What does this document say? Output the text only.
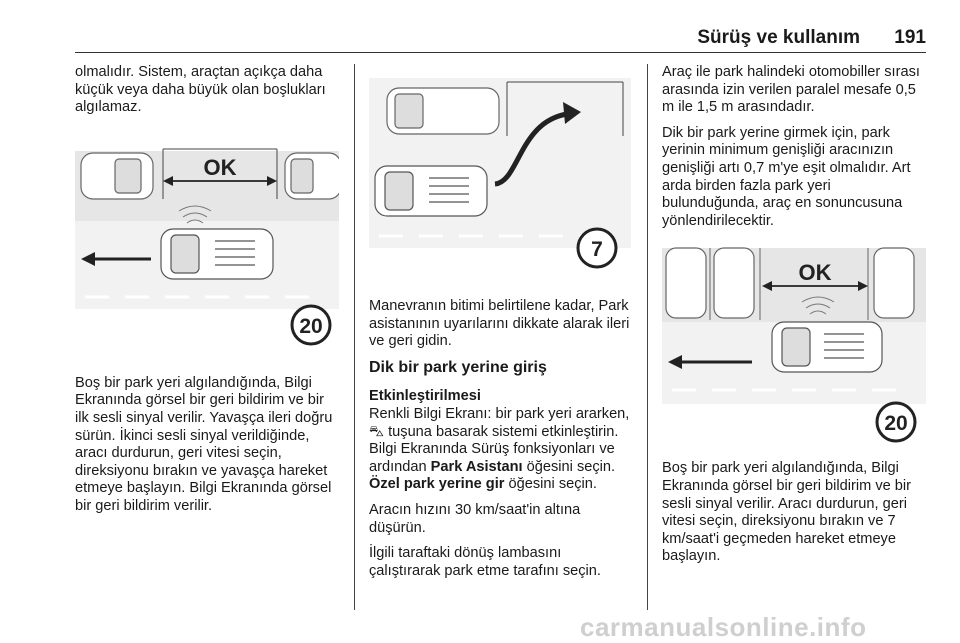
Sürüş ve kullanım 191

olmalıdır. Sistem, araçtan açıkça daha küçük veya daha büyük olan boşlukları algılamaz.

OK
20

Boş bir park yeri algılandığında, Bilgi Ekranında görsel bir geri bildirim ve bir ilk sesli sinyal verilir. Yavaşça ileri doğru sürün. İkinci sesli sinyal verildiğinde, aracı durdurun, geri vitesi seçin, direksiyonu bırakın ve yavaşça hareket etmeye başlayın. Bilgi Ekranında görsel bir geri bildirim verilir.

7

Manevranın bitimi belirtilene kadar, Park asistanının uyarılarını dikkate alarak ileri ve geri gidin.

Dik bir park yerine giriş
Etkinleştirilmesi

Renkli Bilgi Ekranı: bir park yeri ararken, ⛍ tuşuna basarak sistemi etkinleştirin. Bilgi Ekranında Sürüş fonksiyonları ve ardından Park Asistanı öğesini seçin. Özel park yerine gir öğesini seçin.

Aracın hızını 30 km/saat'in altına düşürün.

İlgili taraftaki dönüş lambasını çalıştırarak park etme tarafını seçin.

Araç ile park halindeki otomobiller sırası arasında izin verilen paralel mesafe 0,5 m ile 1,5 m arasındadır.

Dik bir park yerine girmek için, park yerinin minimum genişliği aracınızın genişliği artı 0,7 m'ye eşit olmalıdır. Art arda birden fazla park yeri bulunduğunda, araç en sonuncusuna yönlendirilecektir.

OK
20

Boş bir park yeri algılandığında, Bilgi Ekranında görsel bir geri bildirim ve bir sesli sinyal verilir. Aracı durdurun, geri vitesi seçin, direksiyonu bırakın ve 7 km/saat'i geçmeden hareket etmeye başlayın.

carmanualsonline.info
